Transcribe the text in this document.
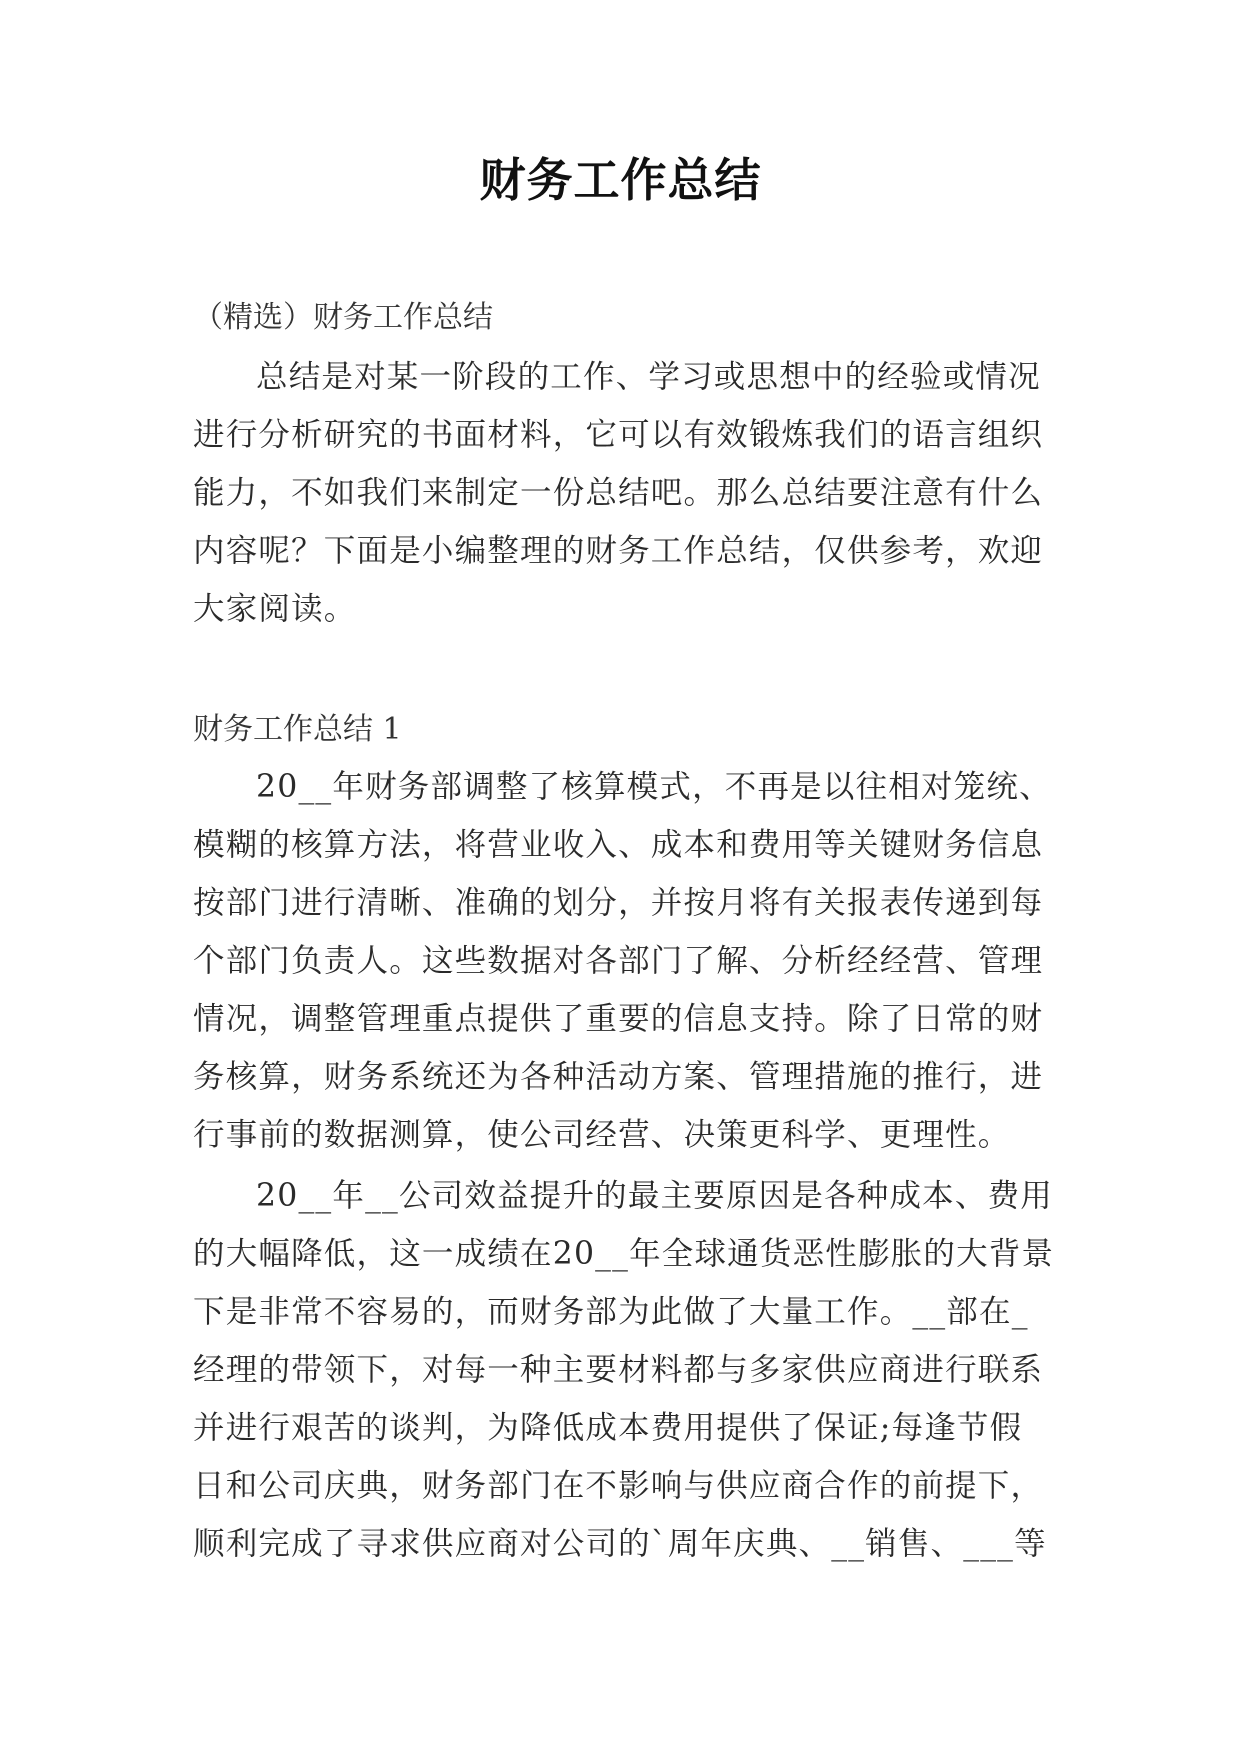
财务工作总结
（精选）财务工作总结
总结是对某一阶段的工作、学习或思想中的经验或情况
进行分析研究的书面材料，它可以有效锻炼我们的语言组织
能力，不如我们来制定一份总结吧。那么总结要注意有什么
内容呢？下面是小编整理的财务工作总结，仅供参考，欢迎
大家阅读。
财务工作总结 1
20__年财务部调整了核算模式，不再是以往相对笼统、
模糊的核算方法，将营业收入、成本和费用等关键财务信息
按部门进行清晰、准确的划分，并按月将有关报表传递到每
个部门负责人。这些数据对各部门了解、分析经经营、管理
情况，调整管理重点提供了重要的信息支持。除了日常的财
务核算，财务系统还为各种活动方案、管理措施的推行，进
行事前的数据测算，使公司经营、决策更科学、更理性。
20__年__公司效益提升的最主要原因是各种成本、费用
的大幅降低，这一成绩在20__年全球通货恶性膨胀的大背景
下是非常不容易的，而财务部为此做了大量工作。__部在_
经理的带领下，对每一种主要材料都与多家供应商进行联系
并进行艰苦的谈判，为降低成本费用提供了保证;每逢节假
日和公司庆典，财务部门在不影响与供应商合作的前提下，
顺利完成了寻求供应商对公司的`周年庆典、__销售、___等
